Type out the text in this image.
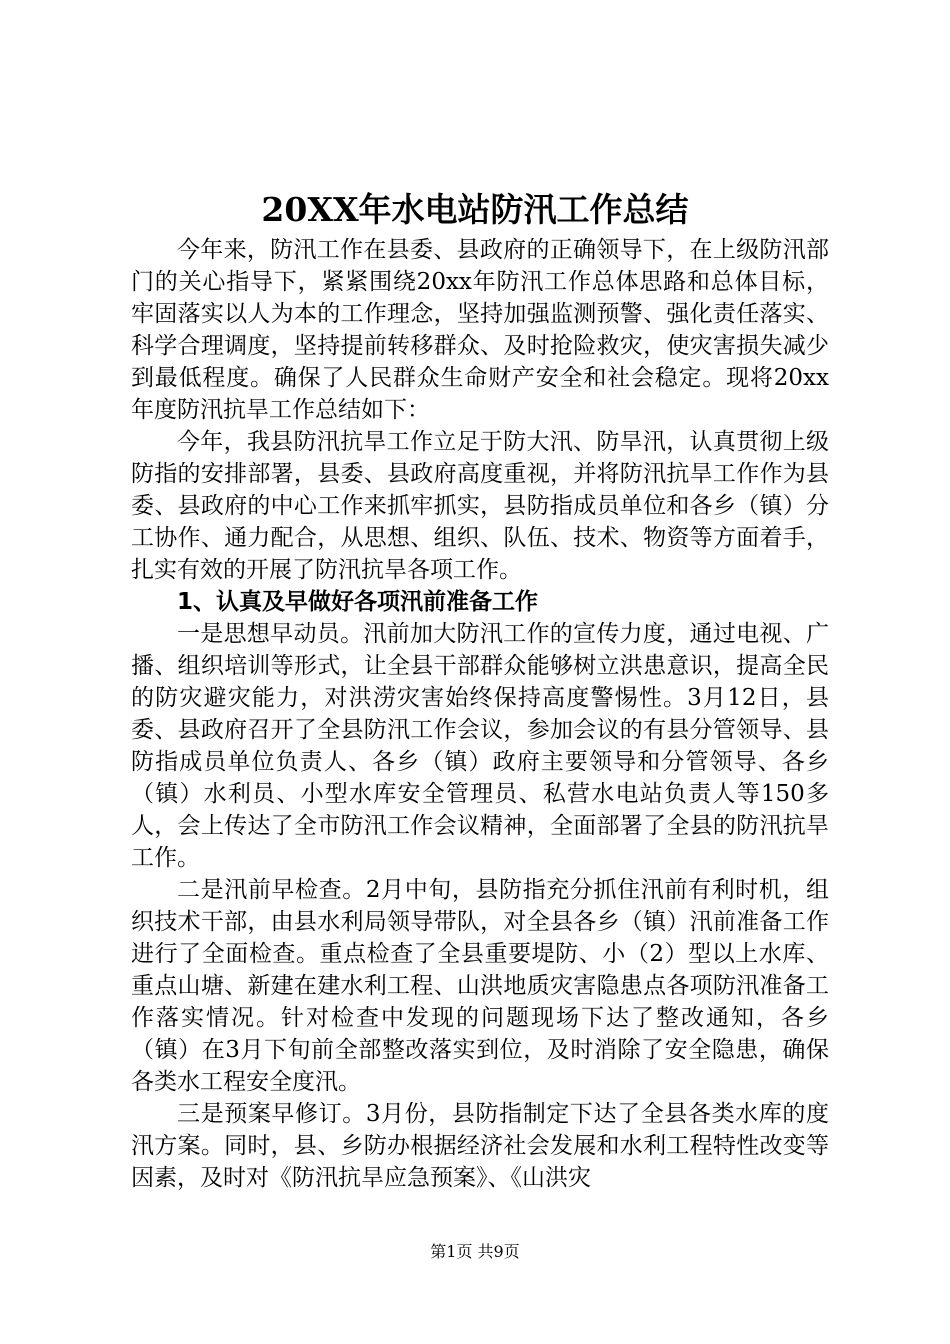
20XX年水电站防汛工作总结

今年来，防汛工作在县委、县政府的正确领导下，在上级防汛部门的关心指导下，紧紧围绕20xx年防汛工作总体思路和总体目标，牢固落实以人为本的工作理念，坚持加强监测预警、强化责任落实、科学合理调度，坚持提前转移群众、及时抢险救灾，使灾害损失减少到最低程度。确保了人民群众生命财产安全和社会稳定。现将20xx年度防汛抗旱工作总结如下：

今年，我县防汛抗旱工作立足于防大汛、防旱汛，认真贯彻上级防指的安排部署，县委、县政府高度重视，并将防汛抗旱工作作为县委、县政府的中心工作来抓牢抓实，县防指成员单位和各乡（镇）分工协作、通力配合，从思想、组织、队伍、技术、物资等方面着手，扎实有效的开展了防汛抗旱各项工作。

1、认真及早做好各项汛前准备工作

一是思想早动员。汛前加大防汛工作的宣传力度，通过电视、广播、组织培训等形式，让全县干部群众能够树立洪患意识，提高全民的防灾避灾能力，对洪涝灾害始终保持高度警惕性。3月12日，县委、县政府召开了全县防汛工作会议，参加会议的有县分管领导、县防指成员单位负责人、各乡（镇）政府主要领导和分管领导、各乡（镇）水利员、小型水库安全管理员、私营水电站负责人等150多人，会上传达了全市防汛工作会议精神，全面部署了全县的防汛抗旱工作。

二是汛前早检查。2月中旬，县防指充分抓住汛前有利时机，组织技术干部，由县水利局领导带队，对全县各乡（镇）汛前准备工作进行了全面检查。重点检查了全县重要堤防、小（2）型以上水库、重点山塘、新建在建水利工程、山洪地质灾害隐患点各项防汛准备工作落实情况。针对检查中发现的问题现场下达了整改通知，各乡（镇）在3月下旬前全部整改落实到位，及时消除了安全隐患，确保各类水工程安全度汛。

三是预案早修订。3月份，县防指制定下达了全县各类水库的度汛方案。同时，县、乡防办根据经济社会发展和水利工程特性改变等因素，及时对《防汛抗旱应急预案》、《山洪灾

第1页 共9页
